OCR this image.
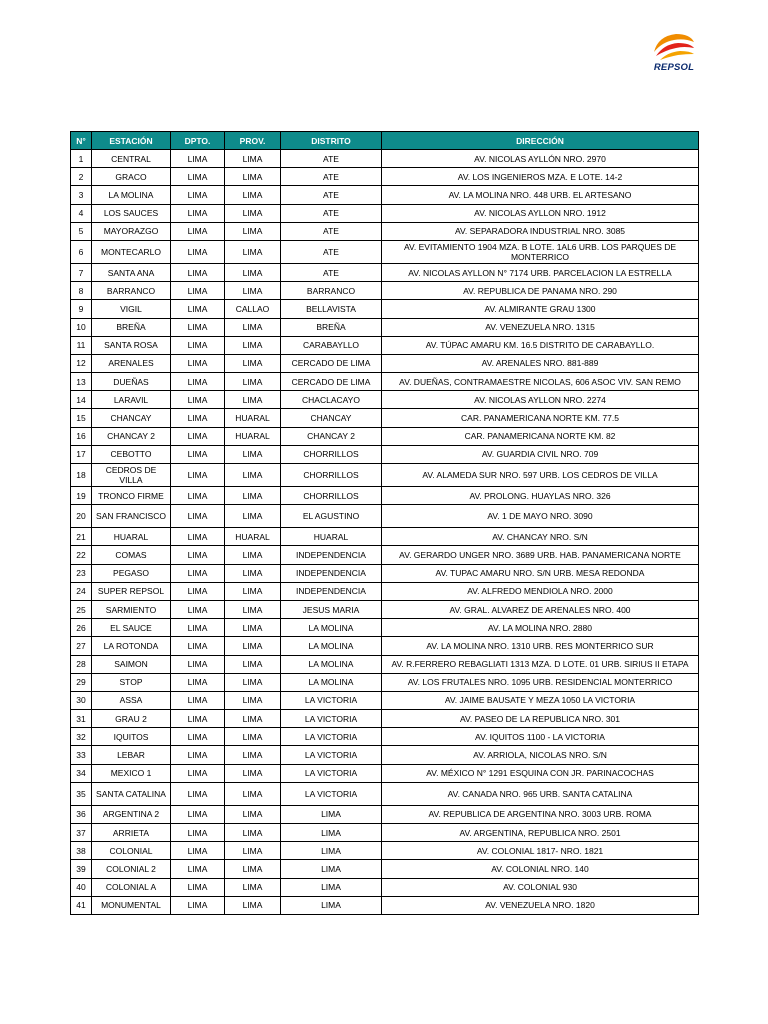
REPSOL
N°	ESTACIÓN	DPTO.	PROV.	DISTRITO	DIRECCIÓN
1	CENTRAL	LIMA	LIMA	ATE	AV. NICOLAS AYLLÓN NRO. 2970
2	GRACO	LIMA	LIMA	ATE	AV. LOS INGENIEROS MZA. E LOTE. 14-2
3	LA MOLINA	LIMA	LIMA	ATE	AV. LA MOLINA NRO. 448 URB. EL ARTESANO
4	LOS SAUCES	LIMA	LIMA	ATE	AV. NICOLAS AYLLON NRO. 1912
5	MAYORAZGO	LIMA	LIMA	ATE	AV. SEPARADORA INDUSTRIAL NRO. 3085
6	MONTECARLO	LIMA	LIMA	ATE	AV. EVITAMIENTO 1904 MZA. B LOTE. 1AL6 URB. LOS PARQUES DE MONTERRICO
7	SANTA ANA	LIMA	LIMA	ATE	AV. NICOLAS AYLLON N° 7174 URB. PARCELACION LA ESTRELLA
8	BARRANCO	LIMA	LIMA	BARRANCO	AV. REPUBLICA DE PANAMA NRO. 290
9	VIGIL	LIMA	CALLAO	BELLAVISTA	AV. ALMIRANTE GRAU 1300
10	BREÑA	LIMA	LIMA	BREÑA	AV. VENEZUELA NRO. 1315
11	SANTA ROSA	LIMA	LIMA	CARABAYLLO	AV. TÚPAC AMARU KM. 16.5 DISTRITO DE CARABAYLLO.
12	ARENALES	LIMA	LIMA	CERCADO DE LIMA	AV. ARENALES NRO. 881-889
13	DUEÑAS	LIMA	LIMA	CERCADO DE LIMA	AV. DUEÑAS, CONTRAMAESTRE NICOLAS, 606 ASOC VIV. SAN REMO
14	LARAVIL	LIMA	LIMA	CHACLACAYO	AV. NICOLAS AYLLON NRO. 2274
15	CHANCAY	LIMA	HUARAL	CHANCAY	CAR. PANAMERICANA NORTE KM. 77.5
16	CHANCAY 2	LIMA	HUARAL	CHANCAY 2	CAR. PANAMERICANA NORTE KM. 82
17	CEBOTTO	LIMA	LIMA	CHORRILLOS	AV. GUARDIA CIVIL NRO. 709
18	CEDROS DE VILLA	LIMA	LIMA	CHORRILLOS	AV. ALAMEDA SUR NRO. 597 URB. LOS CEDROS DE VILLA
19	TRONCO FIRME	LIMA	LIMA	CHORRILLOS	AV. PROLONG. HUAYLAS NRO. 326
20	SAN FRANCISCO	LIMA	LIMA	EL AGUSTINO	AV. 1 DE MAYO NRO. 3090
21	HUARAL	LIMA	HUARAL	HUARAL	AV. CHANCAY NRO. S/N
22	COMAS	LIMA	LIMA	INDEPENDENCIA	AV. GERARDO UNGER NRO. 3689 URB. HAB. PANAMERICANA NORTE
23	PEGASO	LIMA	LIMA	INDEPENDENCIA	AV. TUPAC AMARU NRO. S/N URB. MESA REDONDA
24	SUPER REPSOL	LIMA	LIMA	INDEPENDENCIA	AV. ALFREDO MENDIOLA NRO. 2000
25	SARMIENTO	LIMA	LIMA	JESUS MARIA	AV. GRAL. ALVAREZ DE ARENALES NRO. 400
26	EL SAUCE	LIMA	LIMA	LA MOLINA	AV. LA MOLINA NRO. 2880
27	LA ROTONDA	LIMA	LIMA	LA MOLINA	AV. LA MOLINA NRO. 1310 URB. RES MONTERRICO SUR
28	SAIMON	LIMA	LIMA	LA MOLINA	AV. R.FERRERO REBAGLIATI 1313 MZA. D LOTE. 01 URB. SIRIUS II ETAPA
29	STOP	LIMA	LIMA	LA MOLINA	AV. LOS FRUTALES NRO. 1095 URB. RESIDENCIAL MONTERRICO
30	ASSA	LIMA	LIMA	LA VICTORIA	AV. JAIME BAUSATE Y MEZA 1050 LA VICTORIA
31	GRAU 2	LIMA	LIMA	LA VICTORIA	AV. PASEO DE LA REPUBLICA NRO. 301
32	IQUITOS	LIMA	LIMA	LA VICTORIA	AV. IQUITOS 1100 - LA VICTORIA
33	LEBAR	LIMA	LIMA	LA VICTORIA	AV. ARRIOLA, NICOLAS NRO. S/N
34	MEXICO 1	LIMA	LIMA	LA VICTORIA	AV. MÉXICO N° 1291 ESQUINA CON JR. PARINACOCHAS
35	SANTA CATALINA	LIMA	LIMA	LA VICTORIA	AV. CANADA NRO. 965 URB. SANTA CATALINA
36	ARGENTINA 2	LIMA	LIMA	LIMA	AV. REPUBLICA DE ARGENTINA NRO. 3003 URB. ROMA
37	ARRIETA	LIMA	LIMA	LIMA	AV. ARGENTINA, REPUBLICA NRO. 2501
38	COLONIAL	LIMA	LIMA	LIMA	AV. COLONIAL 1817- NRO. 1821
39	COLONIAL 2	LIMA	LIMA	LIMA	AV. COLONIAL NRO. 140
40	COLONIAL A	LIMA	LIMA	LIMA	AV. COLONIAL 930
41	MONUMENTAL	LIMA	LIMA	LIMA	AV. VENEZUELA NRO. 1820
